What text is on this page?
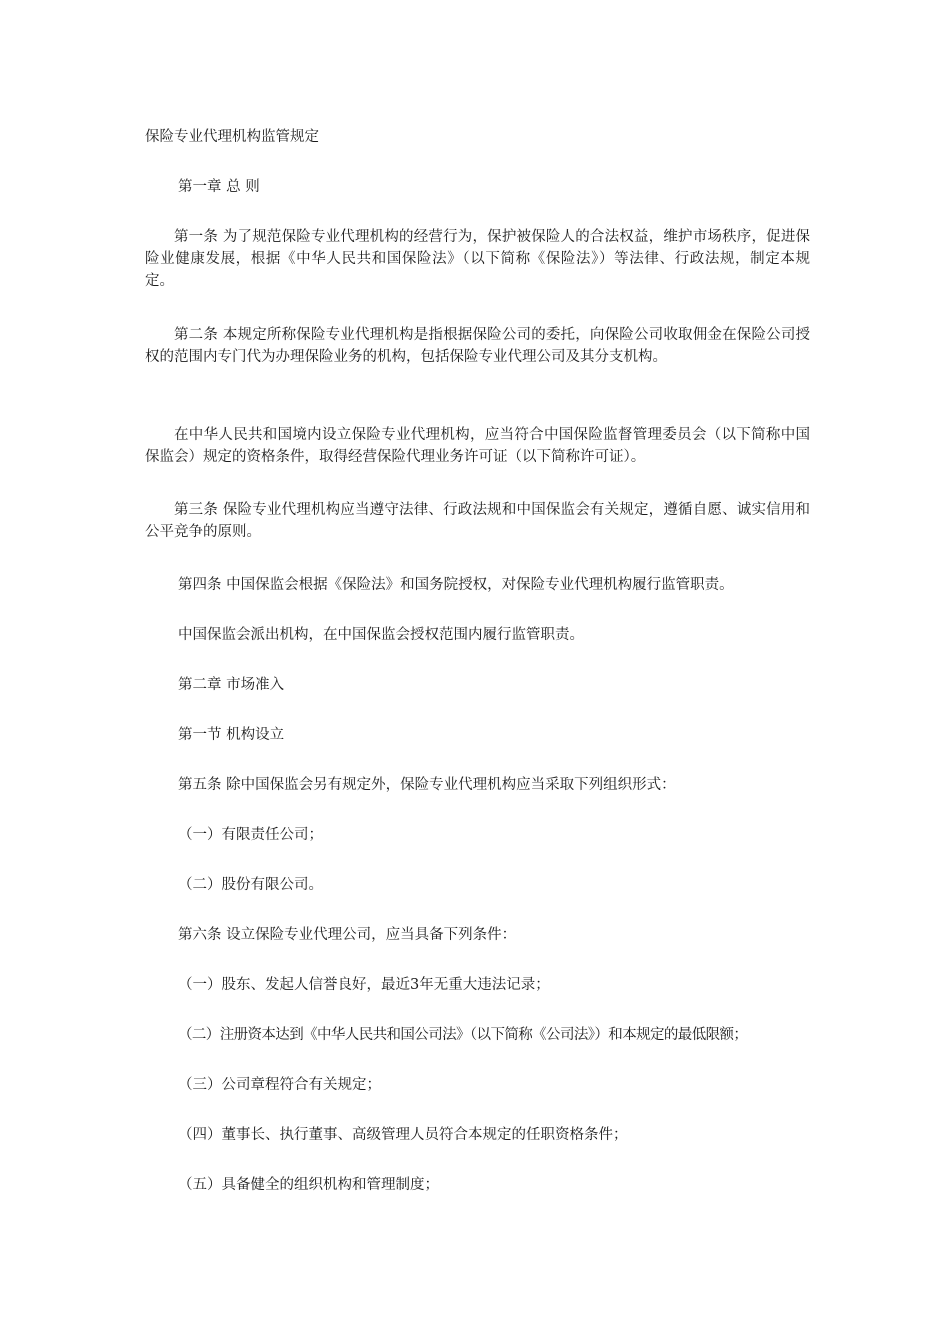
保险专业代理机构监管规定
第一章 总 则
第一条 为了规范保险专业代理机构的经营行为，保护被保险人的合法权益，维护市场秩序，促进保险业健康发展，根据《中华人民共和国保险法》（以下简称《保险法》）等法律、行政法规，制定本规定。
第二条 本规定所称保险专业代理机构是指根据保险公司的委托，向保险公司收取佣金在保险公司授权的范围内专门代为办理保险业务的机构，包括保险专业代理公司及其分支机构。
在中华人民共和国境内设立保险专业代理机构，应当符合中国保险监督管理委员会（以下简称中国保监会）规定的资格条件，取得经营保险代理业务许可证（以下简称许可证）。
第三条 保险专业代理机构应当遵守法律、行政法规和中国保监会有关规定，遵循自愿、诚实信用和公平竞争的原则。
第四条 中国保监会根据《保险法》和国务院授权，对保险专业代理机构履行监管职责。
中国保监会派出机构，在中国保监会授权范围内履行监管职责。
第二章 市场准入
第一节 机构设立
第五条 除中国保监会另有规定外，保险专业代理机构应当采取下列组织形式：
（一）有限责任公司；
（二）股份有限公司。
第六条 设立保险专业代理公司，应当具备下列条件：
（一）股东、发起人信誉良好，最近3年无重大违法记录；
（二）注册资本达到《中华人民共和国公司法》（以下简称《公司法》）和本规定的最低限额；
（三）公司章程符合有关规定；
（四）董事长、执行董事、高级管理人员符合本规定的任职资格条件；
（五）具备健全的组织机构和管理制度；
